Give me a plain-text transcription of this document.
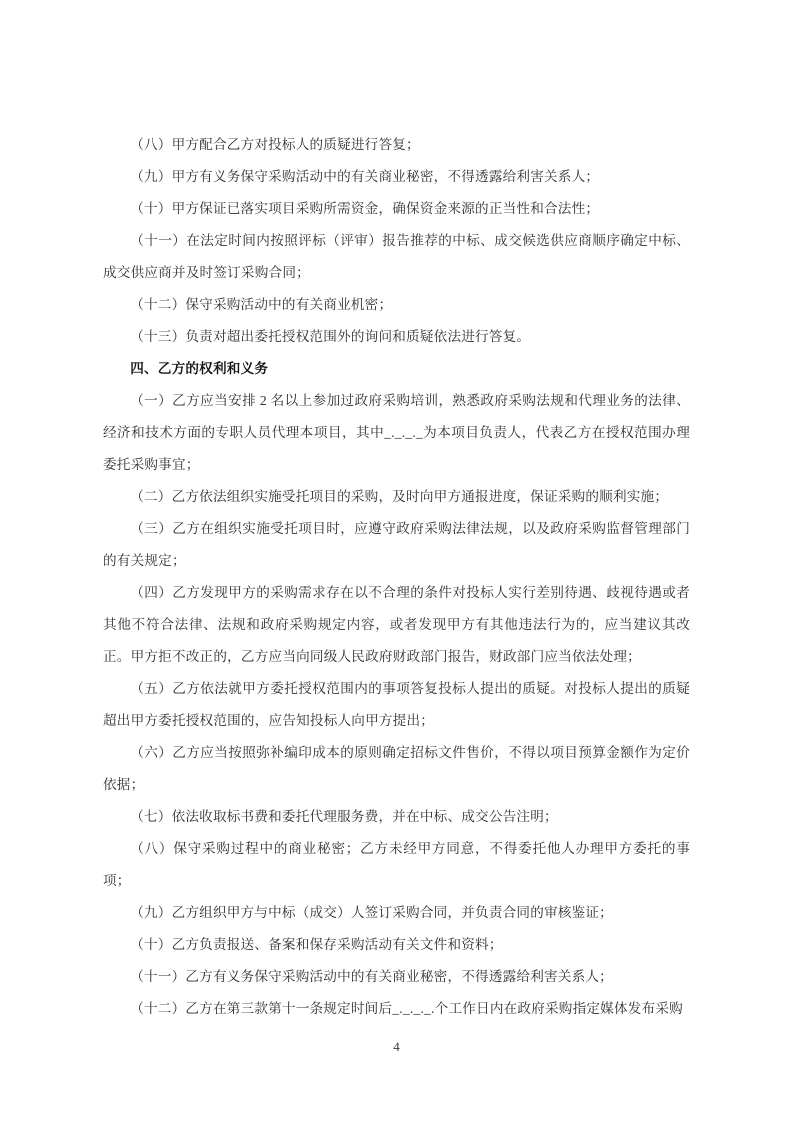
（八）甲方配合乙方对投标人的质疑进行答复；

（九）甲方有义务保守采购活动中的有关商业秘密，不得透露给利害关系人；

（十）甲方保证已落实项目采购所需资金，确保资金来源的正当性和合法性；

（十一）在法定时间内按照评标（评审）报告推荐的中标、成交候选供应商顺序确定中标、成交供应商并及时签订采购合同；

（十二）保守采购活动中的有关商业机密；

（十三）负责对超出委托授权范围外的询问和质疑依法进行答复。

四、乙方的权利和义务

（一）乙方应当安排 2 名以上参加过政府采购培训，熟悉政府采购法规和代理业务的法律、经济和技术方面的专职人员代理本项目，其中_._._._为本项目负责人，代表乙方在授权范围办理委托采购事宜；

（二）乙方依法组织实施受托项目的采购，及时向甲方通报进度，保证采购的顺利实施；

（三）乙方在组织实施受托项目时，应遵守政府采购法律法规，以及政府采购监督管理部门的有关规定；

（四）乙方发现甲方的采购需求存在以不合理的条件对投标人实行差别待遇、歧视待遇或者其他不符合法律、法规和政府采购规定内容，或者发现甲方有其他违法行为的，应当建议其改正。甲方拒不改正的，乙方应当向同级人民政府财政部门报告，财政部门应当依法处理；

（五）乙方依法就甲方委托授权范围内的事项答复投标人提出的质疑。对投标人提出的质疑超出甲方委托授权范围的，应告知投标人向甲方提出；

（六）乙方应当按照弥补编印成本的原则确定招标文件售价，不得以项目预算金额作为定价依据；

（七）依法收取标书费和委托代理服务费，并在中标、成交公告注明；

（八）保守采购过程中的商业秘密；乙方未经甲方同意，不得委托他人办理甲方委托的事项；

（九）乙方组织甲方与中标（成交）人签订采购合同，并负责合同的审核鉴证；

（十）乙方负责报送、备案和保存采购活动有关文件和资料；

（十一）乙方有义务保守采购活动中的有关商业秘密，不得透露给利害关系人；

（十二）乙方在第三款第十一条规定时间后_._._._.个工作日内在政府采购指定媒体发布采购

4
